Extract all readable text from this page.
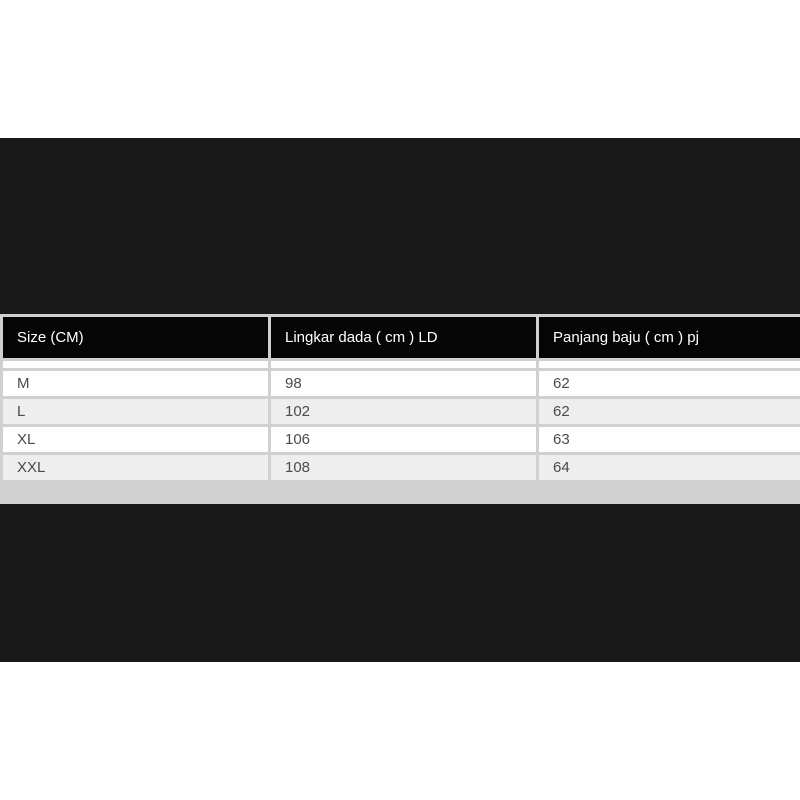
Size (CM)	Lingkar dada ( cm ) LD	Panjang baju ( cm ) pj

M	98	62
L	102	62
XL	106	63
XXL	108	64
